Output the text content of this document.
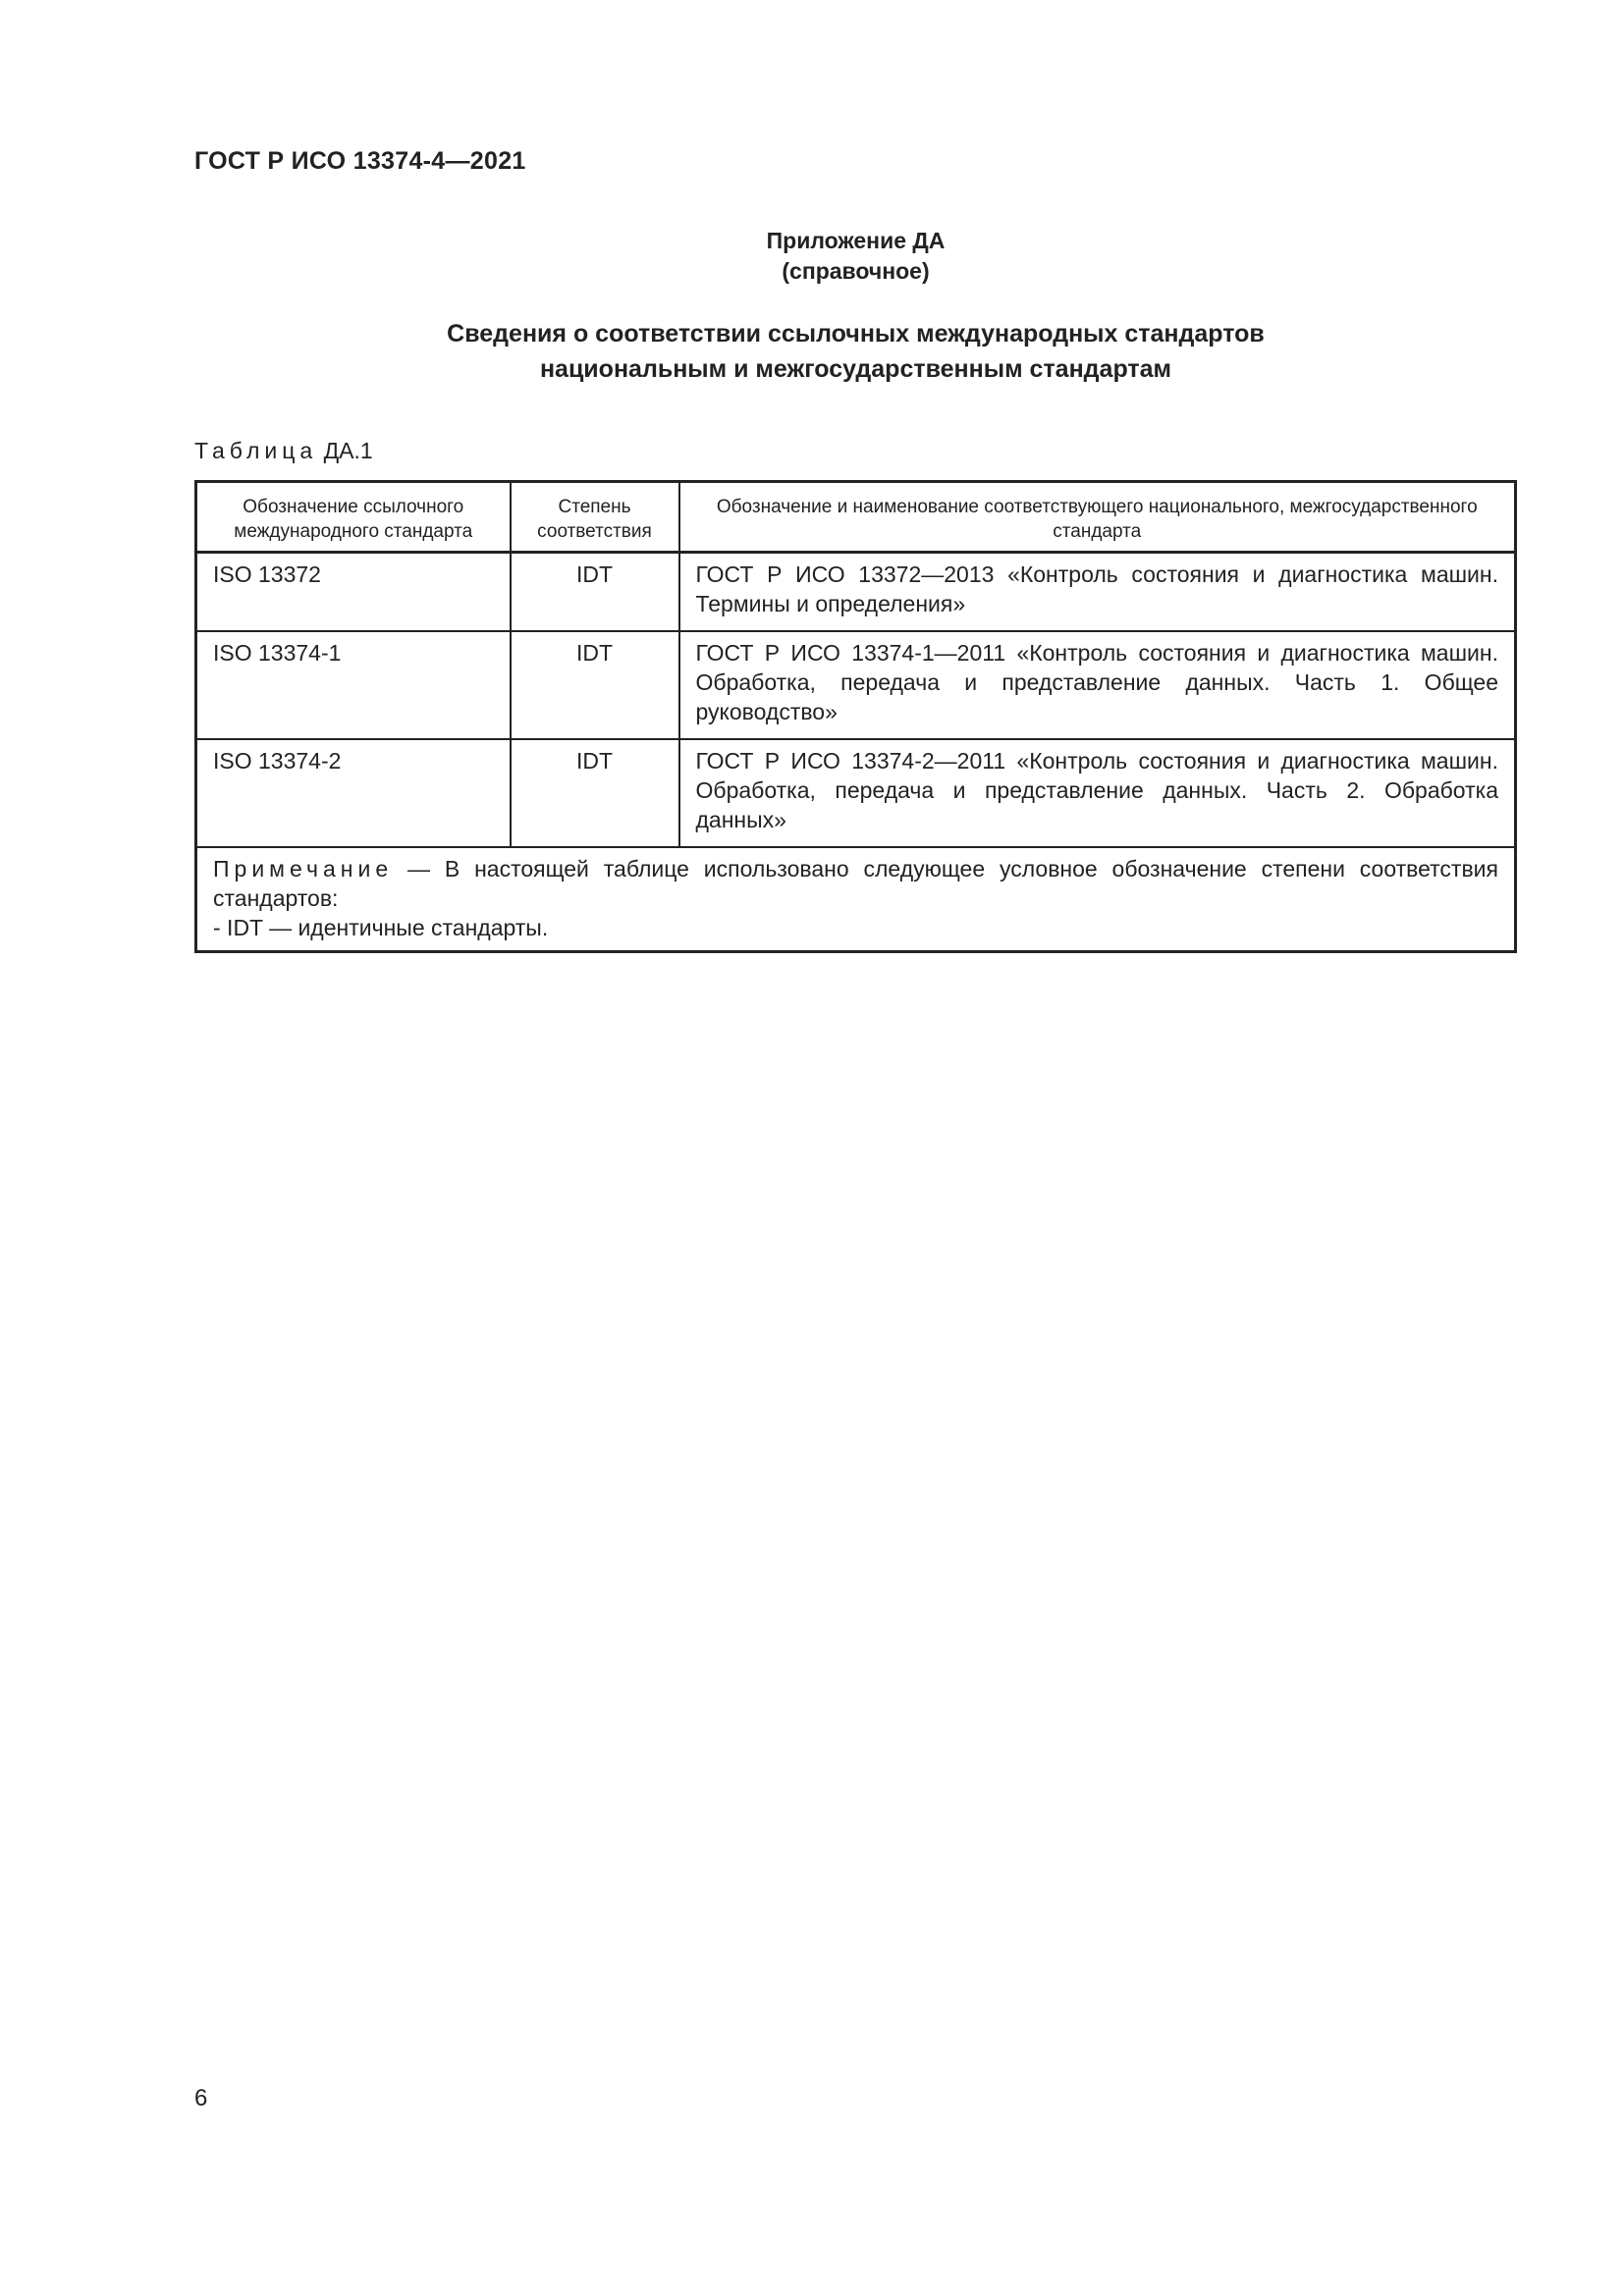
ГОСТ Р ИСО 13374-4—2021
Приложение ДА
(справочное)
Сведения о соответствии ссылочных международных стандартов
национальным и межгосударственным стандартам
Таблица ДА.1
Обозначение ссылочного международного стандарта	Степень соответствия	Обозначение и наименование соответствующего национального, межгосударственного стандарта
ISO 13372	IDT	ГОСТ Р ИСО 13372—2013 «Контроль состояния и диагностика машин. Термины и определения»
ISO 13374-1	IDT	ГОСТ Р ИСО 13374-1—2011 «Контроль состояния и диагностика машин. Обработка, передача и представление данных. Часть 1. Общее руководство»
ISO 13374-2	IDT	ГОСТ Р ИСО 13374-2—2011 «Контроль состояния и диагностика машин. Обработка, передача и представление данных. Часть 2. Обработка данных»
Примечание — В настоящей таблице использовано следующее условное обозначение степени соответствия стандартов:
- IDT — идентичные стандарты.		
6
